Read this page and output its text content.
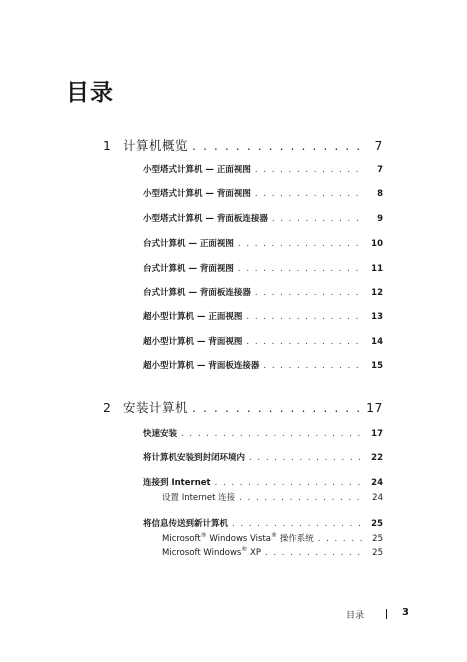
目录
1 计算机概览 . . .	7
小型塔式计算机 — 正面视图 . . .	7
小型塔式计算机 — 背面视图 . . .	8
小型塔式计算机 — 背面板连接器 . . .	9
台式计算机 — 正面视图 . . .	10
台式计算机 — 背面视图 . . .	11
台式计算机 — 背面板连接器 . . .	12
超小型计算机 — 正面视图 . . .	13
超小型计算机 — 背面视图 . . .	14
超小型计算机 — 背面板连接器 . . .	15
2 安装计算机 . . .	17
快速安装 . . .	17
将计算机安装到封闭环境内 . . .	22
连接到 Internet . . .	24
设置 Internet 连接 . . .	24
将信息传送到新计算机 . . .	25
Microsoft® Windows Vista® 操作系统 . . .	25
Microsoft Windows® XP . . .	25
目录	3
